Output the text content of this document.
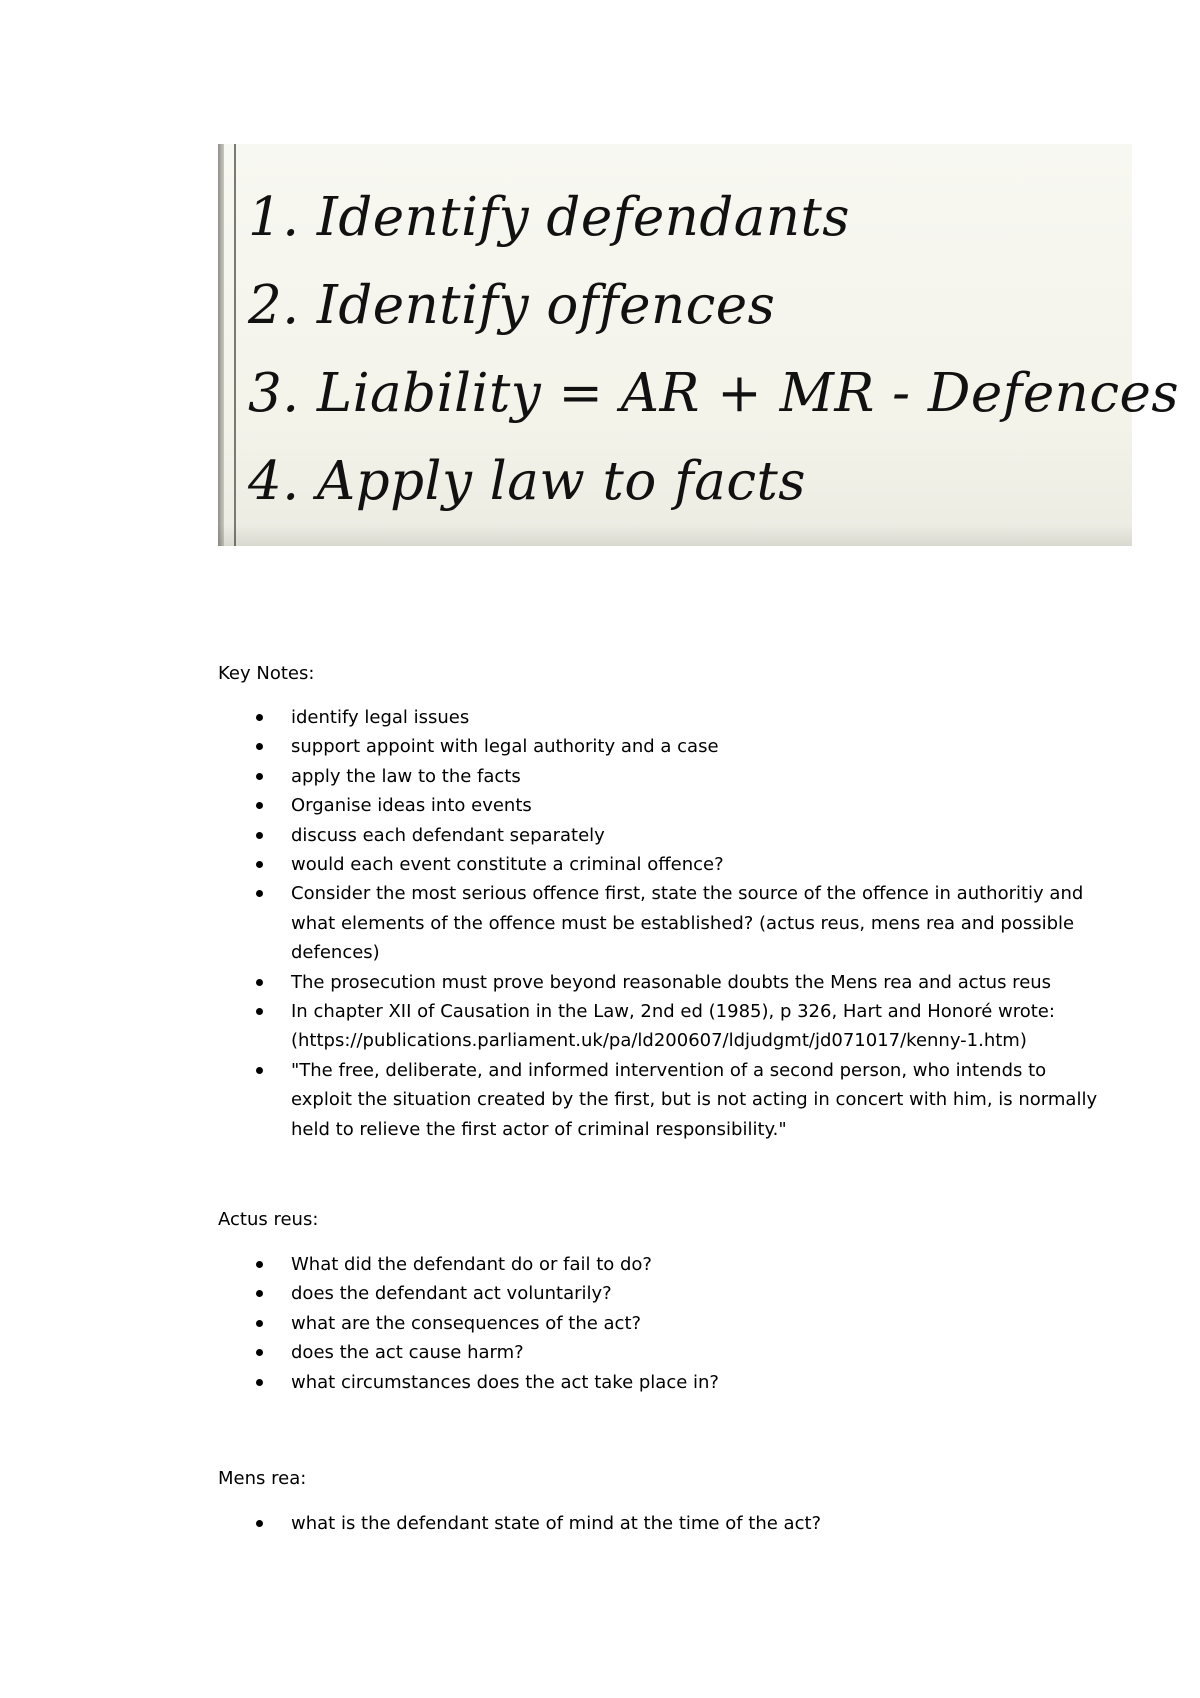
1. Identify defendants
2. Identify offences
3. Liability = AR + MR - Defences
4. Apply law to facts
Key Notes:
identify legal issues
support appoint with legal authority and a case
apply the law to the facts
Organise ideas into events
discuss each defendant separately
would each event constitute a criminal offence?
Consider the most serious offence first, state the source of the offence in authoritiy and what elements of the offence must be established? (actus reus, mens rea and possible defences)
The prosecution must prove beyond reasonable doubts the Mens rea and actus reus
In chapter XII of Causation in the Law, 2nd ed (1985), p 326, Hart and Honoré wrote: (https://publications.parliament.uk/pa/ld200607/ldjudgmt/jd071017/kenny-1.htm)
"The free, deliberate, and informed intervention of a second person, who intends to exploit the situation created by the first, but is not acting in concert with him, is normally held to relieve the first actor of criminal responsibility."
Actus reus:
What did the defendant do or fail to do?
does the defendant act voluntarily?
what are the consequences of the act?
does the act cause harm?
what circumstances does the act take place in?
Mens rea:
what is the defendant state of mind at the time of the act?
